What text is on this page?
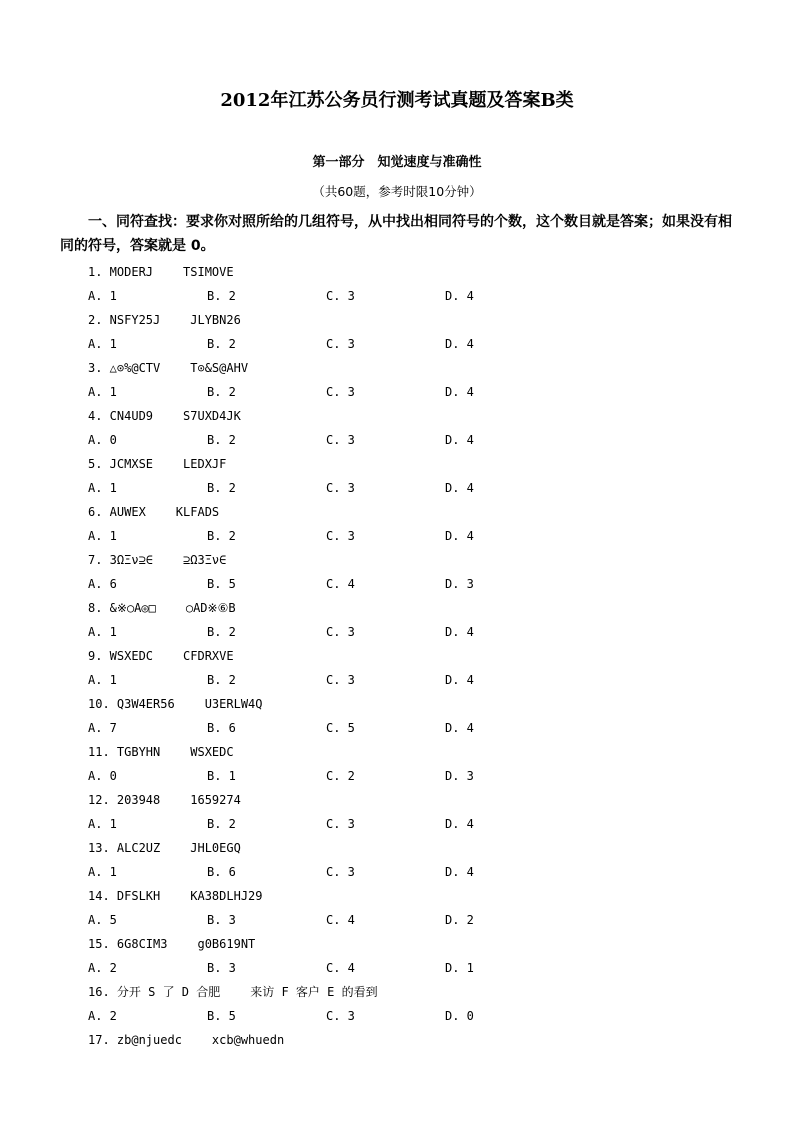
2012年江苏公务员行测考试真题及答案B类
第一部分　知觉速度与准确性
（共60题，参考时限10分钟）
一、同符查找：要求你对照所给的几组符号，从中找出相同符号的个数，这个数目就是答案；如果没有相同的符号，答案就是 0。
1. MODERJ	TSIMOVE
A. 1	B. 2	C. 3	D. 4
2. NSFY25J	JLYBN26
A. 1	B. 2	C. 3	D. 4
3. △⊙%@CTV	T⊙&S@AHV
A. 1	B. 2	C. 3	D. 4
4. CN4UD9	S7UXD4JK
A. 0	B. 2	C. 3	D. 4
5. JCMXSE	LEDXJF
A. 1	B. 2	C. 3	D. 4
6. AUWEX	KLFADS
A. 1	B. 2	C. 3	D. 4
7. 3ΩΞν⊇∈	⊇Ω3Ξν∈
A. 6	B. 5	C. 4	D. 3
8. &※○A◎□	○AD※⑥B
A. 1	B. 2	C. 3	D. 4
9. WSXEDC	CFDRXVE
A. 1	B. 2	C. 3	D. 4
10. Q3W4ER56	U3ERLW4Q
A. 7	B. 6	C. 5	D. 4
11. TGBYHN	WSXEDC
A. 0	B. 1	C. 2	D. 3
12. 203948	1659274
A. 1	B. 2	C. 3	D. 4
13. ALC2UZ	JHL0EGQ
A. 1	B. 6	C. 3	D. 4
14. DFSLKH	KA38DLHJ29
A. 5	B. 3	C. 4	D. 2
15. 6G8CIM3	g0B619NT
A. 2	B. 3	C. 4	D. 1
16. 分开 S 了 D 合肥	来访 F 客户 E 的看到
A. 2	B. 5	C. 3	D. 0
17. zb@njuedc	xcb@whuedn
